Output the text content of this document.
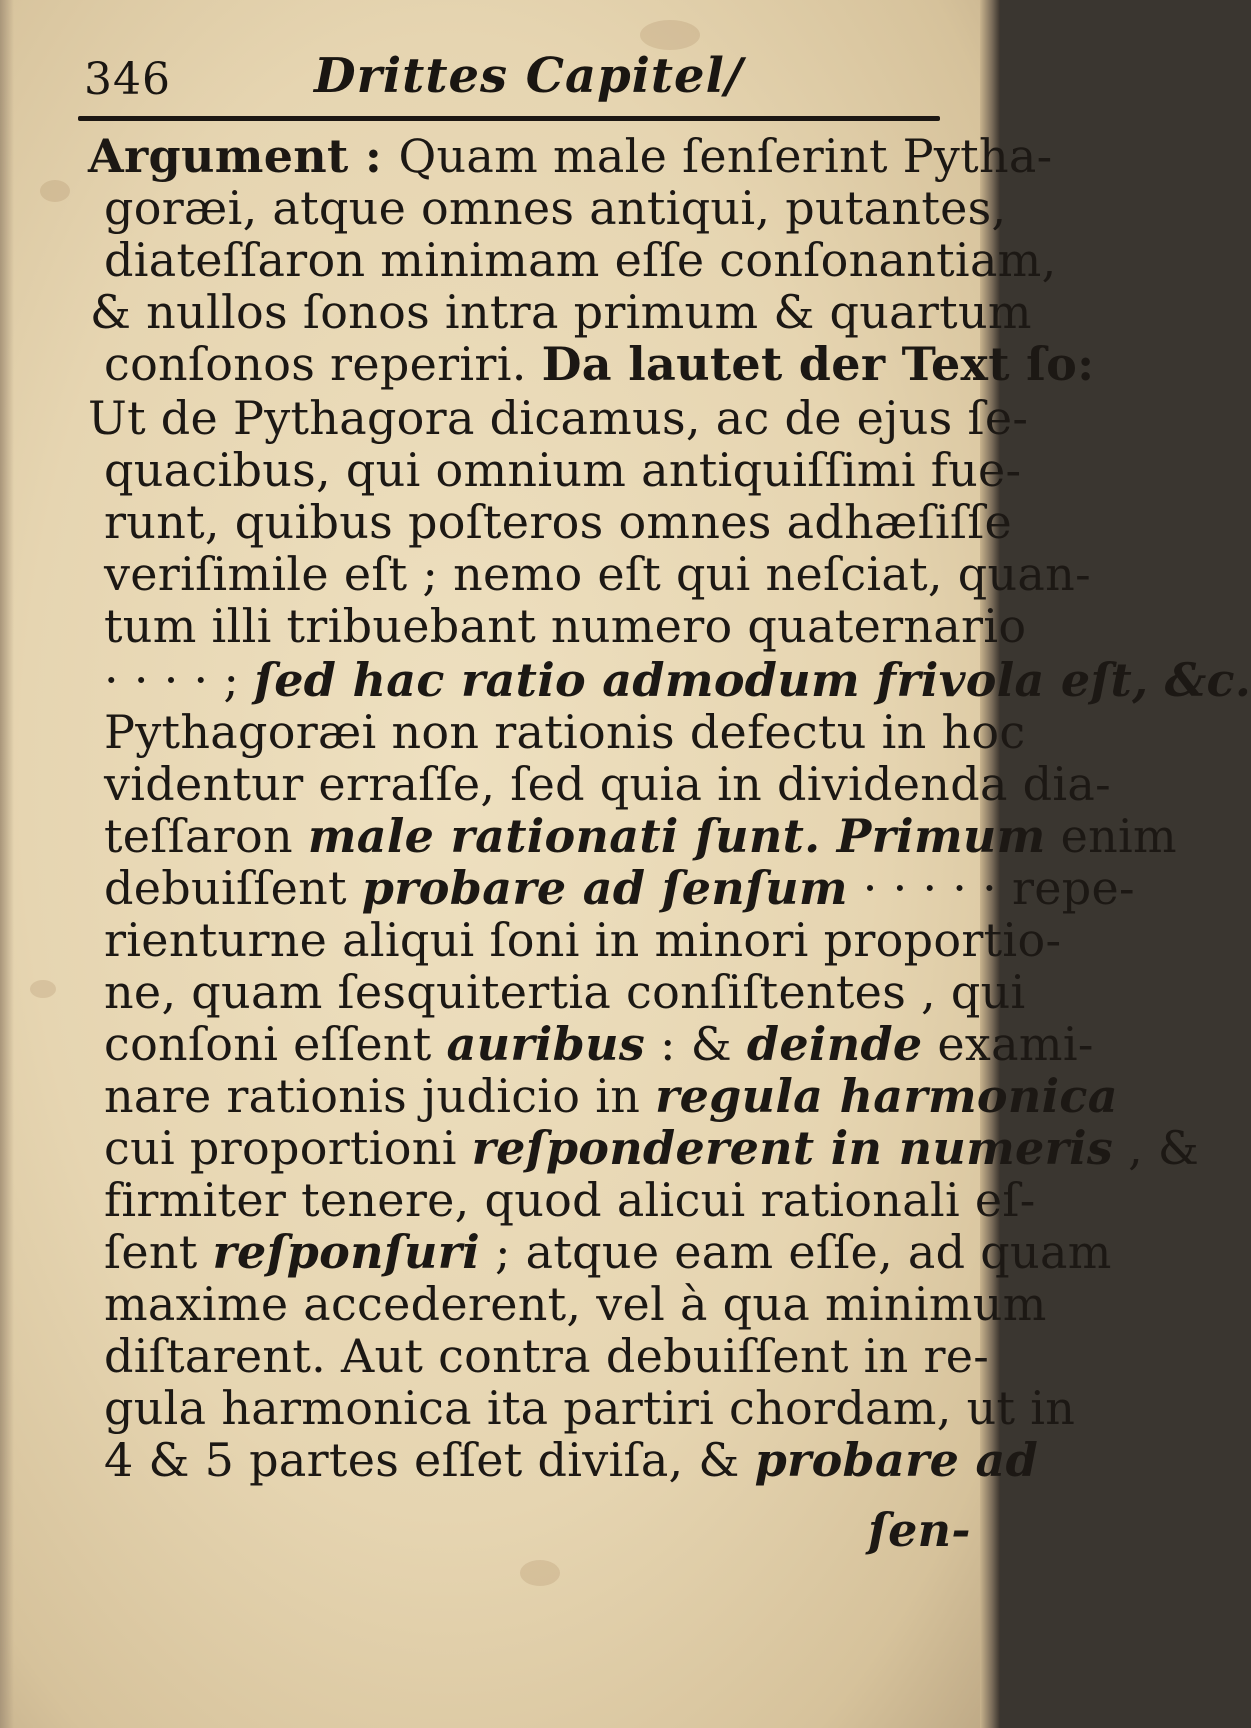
346	Drittes Capitel/
Argument : Quam male ſenſerint Pytha-
goræi, atque omnes antiqui, putantes,
diateſſaron minimam eſſe conſonantiam,
& nullos ſonos intra primum & quartum
conſonos reperiri. Da lautet der Text ſo:
Ut de Pythagora dicamus, ac de ejus ſe-
quacibus, qui omnium antiquiſſimi fue-
runt, quibus poſteros omnes adhæſiſſe
veriſimile eſt ; nemo eſt qui neſciat, quan-
tum illi tribuebant numero quaternario
· · · · ; ſed hac ratio admodum frivola eſt, &c.
Pythagoræi non rationis defectu in hoc
videntur erraſſe, ſed quia in dividenda dia-
teſſaron male rationati ſunt. Primum enim
debuiſſent probare ad ſenſum · · · · · repe-
rienturne aliqui ſoni in minori proportio-
ne, quam ſesquitertia conſiſtentes , qui
conſoni eſſent auribus : & deinde exami-
nare rationis judicio in regula harmonica
cui proportioni reſponderent in numeris , &
firmiter tenere, quod alicui rationali eſ-
ſent reſponſuri ; atque eam eſſe, ad quam
maxime accederent, vel à qua minimum
diſtarent. Aut contra debuiſſent in re-
gula harmonica ita partiri chordam, ut in
4 & 5 partes eſſet diviſa, & probare ad
ſen-
